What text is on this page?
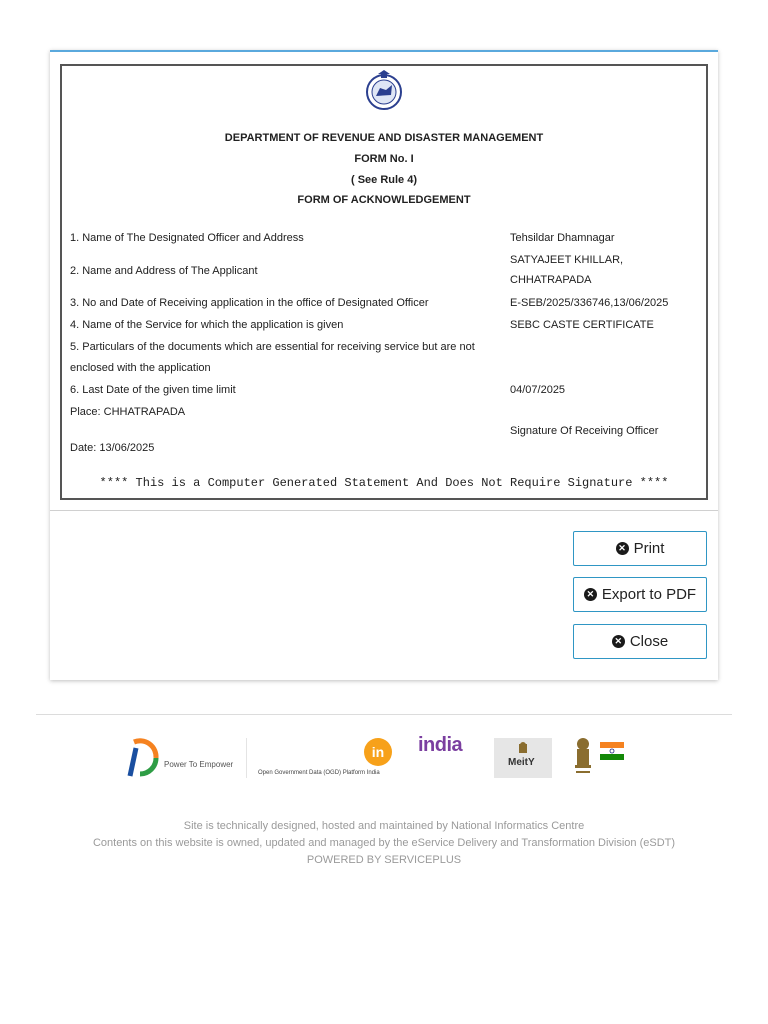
DEPARTMENT OF REVENUE AND DISASTER MANAGEMENT
FORM No. I
( See Rule 4)
FORM OF ACKNOWLEDGEMENT
1. Name of The Designated Officer and Address	Tehsildar Dhamnagar
2. Name and Address of The Applicant
SATYAJEET KHILLAR,
CHHATRAPADA
3. No and Date of Receiving application in the office of Designated Officer	E-SEB/2025/336746,13/06/2025
4. Name of the Service for which the application is given	SEBC CASTE CERTIFICATE
5. Particulars of the documents which are essential for receiving service but are not
enclosed with the application
6. Last Date of the given time limit	04/07/2025
Place: CHHATRAPADA
Signature Of Receiving Officer
Date: 13/06/2025
**** This is a Computer Generated Statement And Does Not Require Signature ****
✕ Print
✕ Export to PDF
✕ Close
Power To Empower
in
Open Government Data (OGD) Platform India
india
MeitY
Site is technically designed, hosted and maintained by National Informatics Centre
Contents on this website is owned, updated and managed by the eService Delivery and Transformation Division (eSDT)
POWERED BY SERVICEPLUS
